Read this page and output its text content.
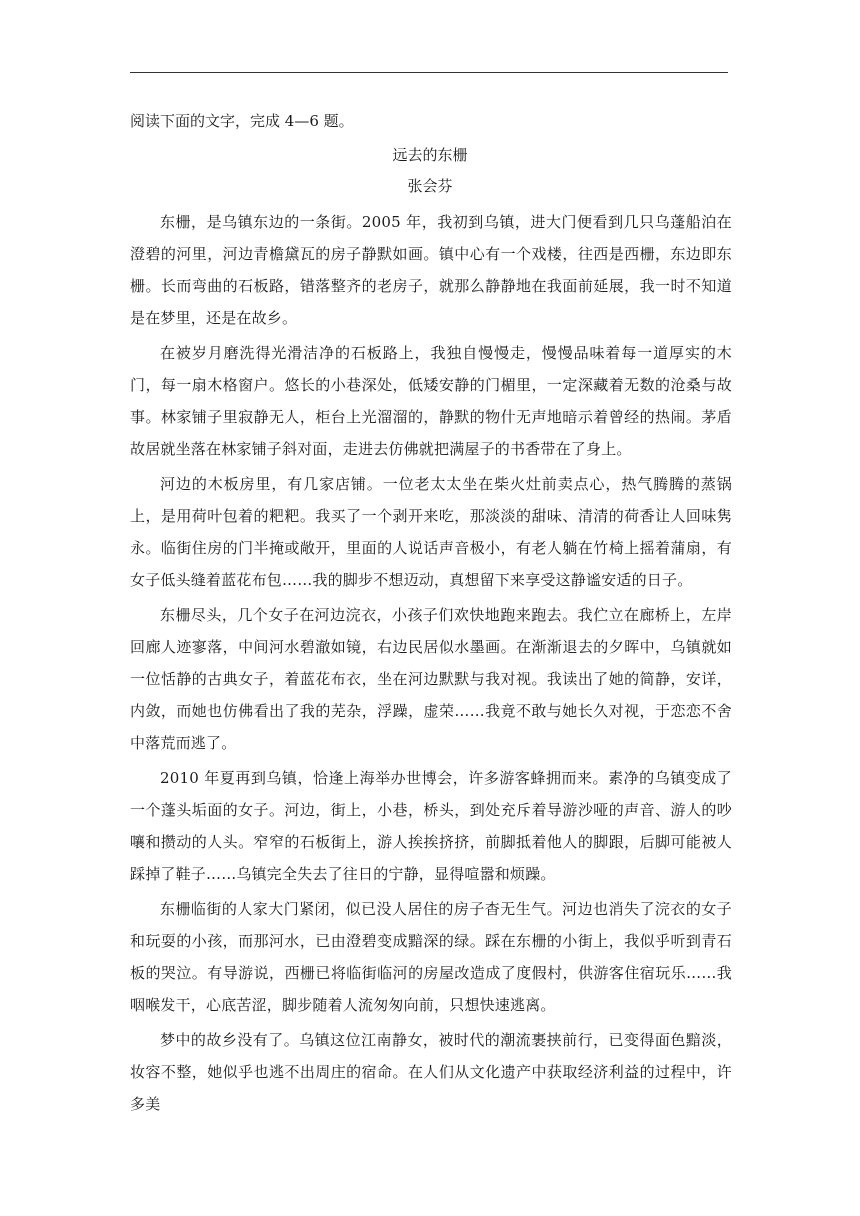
阅读下面的文字，完成 4—6 题。
远去的东栅
张会芬

东栅，是乌镇东边的一条街。2005 年，我初到乌镇，进大门便看到几只乌蓬船泊在澄碧的河里，河边青檐黛瓦的房子静默如画。镇中心有一个戏楼，往西是西栅，东边即东栅。长而弯曲的石板路，错落整齐的老房子，就那么静静地在我面前延展，我一时不知道是在梦里，还是在故乡。

在被岁月磨洗得光滑洁净的石板路上，我独自慢慢走，慢慢品味着每一道厚实的木门，每一扇木格窗户。悠长的小巷深处，低矮安静的门楣里，一定深藏着无数的沧桑与故事。林家铺子里寂静无人，柜台上光溜溜的，静默的物什无声地暗示着曾经的热闹。茅盾故居就坐落在林家铺子斜对面，走进去仿佛就把满屋子的书香带在了身上。

河边的木板房里，有几家店铺。一位老太太坐在柴火灶前卖点心，热气腾腾的蒸锅上，是用荷叶包着的粑粑。我买了一个剥开来吃，那淡淡的甜味、清清的荷香让人回味隽永。临街住房的门半掩或敞开，里面的人说话声音极小，有老人躺在竹椅上摇着蒲扇，有女子低头缝着蓝花布包……我的脚步不想迈动，真想留下来享受这静谧安适的日子。

东栅尽头，几个女子在河边浣衣，小孩子们欢快地跑来跑去。我伫立在廊桥上，左岸回廊人迹寥落，中间河水碧澈如镜，右边民居似水墨画。在渐渐退去的夕晖中，乌镇就如一位恬静的古典女子，着蓝花布衣，坐在河边默默与我对视。我读出了她的简静，安详，内敛，而她也仿佛看出了我的芜杂，浮躁，虚荣……我竟不敢与她长久对视，于恋恋不舍中落荒而逃了。

2010 年夏再到乌镇，恰逢上海举办世博会，许多游客蜂拥而来。素净的乌镇变成了一个蓬头垢面的女子。河边，街上，小巷，桥头，到处充斥着导游沙哑的声音、游人的吵嚷和攒动的人头。窄窄的石板街上，游人挨挨挤挤，前脚抵着他人的脚跟，后脚可能被人踩掉了鞋子……乌镇完全失去了往日的宁静，显得喧嚣和烦躁。

东栅临街的人家大门紧闭，似已没人居住的房子杳无生气。河边也消失了浣衣的女子和玩耍的小孩，而那河水，已由澄碧变成黯深的绿。踩在东栅的小街上，我似乎听到青石板的哭泣。有导游说，西栅已将临街临河的房屋改造成了度假村，供游客住宿玩乐……我咽喉发干，心底苦涩，脚步随着人流匆匆向前，只想快速逃离。

梦中的故乡没有了。乌镇这位江南静女，被时代的潮流裹挟前行，已变得面色黯淡，妆容不整，她似乎也逃不出周庄的宿命。在人们从文化遗产中获取经济利益的过程中，许多美
